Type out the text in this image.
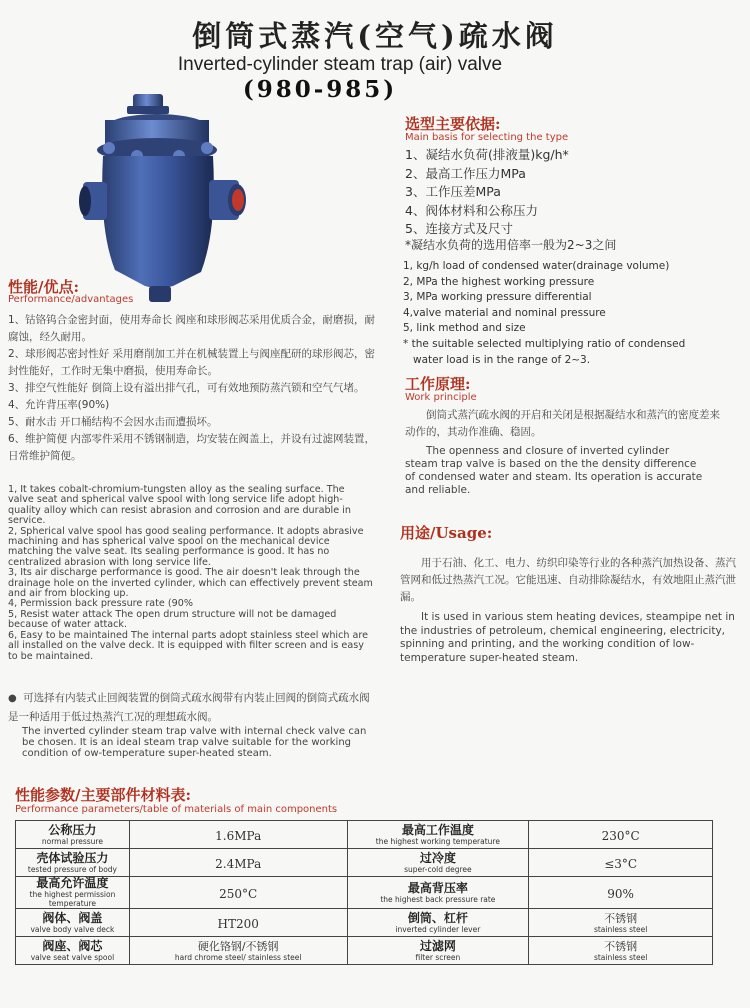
倒筒式蒸汽(空气)疏水阀
Inverted-cylinder steam trap (air) valve
(980-985)
选型主要依据:
Main basis for selecting the type
1、凝结水负荷(排液量)kg/h*
2、最高工作压力MPa
3、工作压差MPa
4、阀体材料和公称压力
5、连接方式及尺寸
*凝结水负荷的选用倍率一般为2~3之间
1, kg/h load of condensed water(drainage volume)
2, MPa the highest working pressure
3, MPa working pressure differential
4,valve material and nominal pressure
5, link method and size
* the suitable selected multiplying ratio of condensed
water load is in the range of 2~3.
工作原理:
Work principle
倒筒式蒸汽疏水阀的开启和关闭是根据凝结水和蒸汽的密度差来动作的，其动作准确、稳固。
The openness and closure of inverted cylinder steam trap valve is based on the the density difference of condensed water and steam. Its operation is accurate and reliable.
用途/Usage:
用于石油、化工、电力、纺织印染等行业的各种蒸汽加热设备、蒸汽管网和低过热蒸汽工况。它能迅速、自动排除凝结水，有效地阻止蒸汽泄漏。
It is used in various stem heating devices, steampipe net in the industries of petroleum, chemical engineering, electricity, spinning and printing, and the working condition of low-temperature super-heated steam.
性能/优点:
Performance/advantages
1、钴铬钨合金密封面，使用寿命长 阀座和球形阀芯采用优质合金，耐磨损，耐腐蚀，经久耐用。
2、球形阀芯密封性好 采用磨削加工并在机械装置上与阀座配研的球形阀芯，密封性能好，工作时无集中磨损，使用寿命长。
3、排空气性能好 倒筒上设有溢出排气孔，可有效地预防蒸汽锁和空气气堵。
4、允许背压率(90%)
5、耐水击 开口桶结构不会因水击而遭损坏。
6、维护简便 内部零件采用不锈钢制造，均安装在阀盖上，并设有过滤网装置，日常维护简便。
1, It takes cobalt-chromium-tungsten alloy as the sealing surface. The valve seat and spherical valve spool with long service life adopt high-quality alloy which can resist abrasion and corrosion and are durable in service.
2, Spherical valve spool has good sealing performance. It adopts abrasive machining and has spherical valve spool on the mechanical device matching the valve seat. Its sealing performance is good. It has no centralized abrasion with long service life.
3, Its air discharge performance is good. The air doesn't leak through the drainage hole on the inverted cylinder, which can effectively prevent steam and air from blocking up.
4, Permission back pressure rate (90%
5, Resist water attack The open drum structure will not be damaged because of water attack.
6, Easy to be maintained The internal parts adopt stainless steel which are all installed on the valve deck. It is equipped with filter screen and is easy to be maintained.
●  可选择有内装式止回阀装置的倒筒式疏水阀带有内装止回阀的倒筒式疏水阀是一种适用于低过热蒸汽工况的理想疏水阀。
The inverted cylinder steam trap valve with internal check valve can be chosen. It is an ideal steam trap valve suitable for the working condition of ow-temperature super-heated steam.
性能参数/主要部件材料表:
Performance parameters/table of materials of main components
公称压力
normal pressure	1.6MPa	最高工作温度
the highest working temperature	230°C

壳体试验压力
tested pressure of body	2.4MPa	过冷度
super-cold degree	≤3°C

最高允许温度
the highest permission temperature	250°C	最高背压率
the highest back pressure rate	90%

阀体、阀盖
valve body valve deck	HT200	倒筒、杠杆
inverted cylinder lever	不锈钢
stainless steel

阀座、阀芯
valve seat valve spool	硬化铬钢/不锈钢
hard chrome steel/ stainless steel	过滤网
filter screen	不锈钢
stainless steel
